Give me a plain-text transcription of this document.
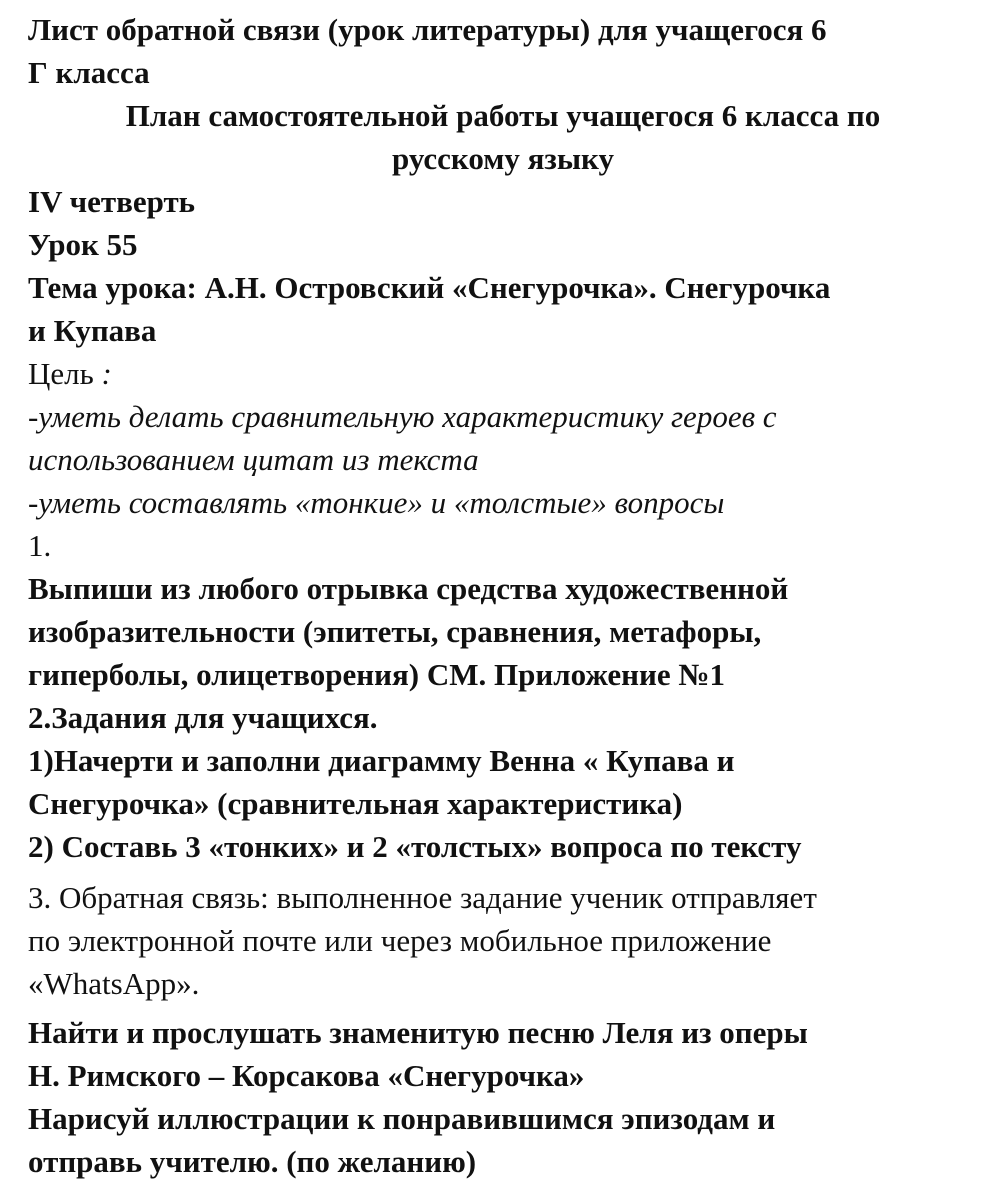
Лист обратной связи (урок литературы) для учащегося 6
Г класса
План самостоятельной работы учащегося 6 класса по
русскому языку
IV четверть
Урок 55
Тема урока: А.Н. Островский «Снегурочка». Снегурочка
и Купава
Цель :
-уметь делать сравнительную характеристику героев с
использованием цитат из текста
-уметь составлять «тонкие» и «толстые» вопросы
1.
Выпиши из любого отрывка средства художественной
изобразительности (эпитеты, сравнения, метафоры,
гиперболы, олицетворения) СМ. Приложение №1
2.Задания для учащихся.
1)Начерти и заполни диаграмму Венна « Купава и
Снегурочка» (сравнительная характеристика)
2) Составь 3 «тонких» и 2 «толстых» вопроса по тексту
3. Обратная связь: выполненное задание ученик отправляет
по электронной почте или через мобильное приложение
«WhatsApp».
Найти и прослушать знаменитую песню Леля из оперы
Н. Римского – Корсакова «Снегурочка»
Нарисуй иллюстрации к понравившимся эпизодам и
отправь учителю. (по желанию)
